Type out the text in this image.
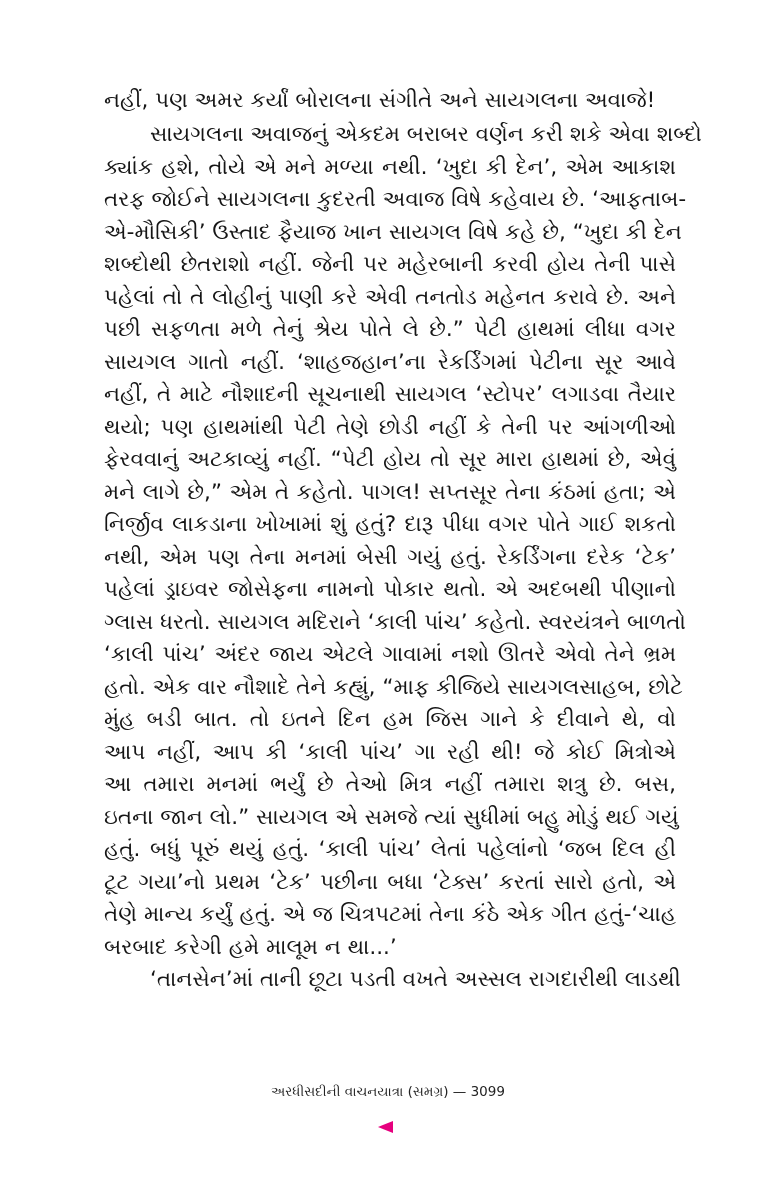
નહીં, પણ અમર કર્યાં બોરાલના સંગીતે અને સાયગલના અવાજે!
સાયગલના અવાજનું એકદમ બરાબર વર્ણન કરી શકે એવા શબ્દો
ક્યાંક હશે, તોયે એ મને મળ્યા નથી. ‘ખુદા કી દેન’, એમ આકાશ
તરફ જોઈને સાયગલના કુદરતી અવાજ વિષે કહેવાય છે. ‘આફતાબ-
એ-મૌસિકી’ ઉસ્તાદ ફૈયાજ ખાન સાયગલ વિષે કહે છે, “ખુદા કી દેન
શબ્દોથી છેતરાશો નહીં. જેની પર મહેરબાની કરવી હોય તેની પાસે
પહેલાં તો તે લોહીનું પાણી કરે એવી તનતોડ મહેનત કરાવે છે. અને
પછી સફળતા મળે તેનું શ્રેય પોતે લે છે.” પેટી હાથમાં લીધા વગર
સાયગલ ગાતો નહીં. ‘શાહજહાન’ના રેકર્ડિંગમાં પેટીના સૂર આવે
નહીં, તે માટે નૌશાદની સૂચનાથી સાયગલ ‘સ્ટોપર’ લગાડવા તૈયાર
થયો; પણ હાથમાંથી પેટી તેણે છોડી નહીં કે તેની પર આંગળીઓ
ફેરવવાનું અટકાવ્યું નહીં. “પેટી હોય તો સૂર મારા હાથમાં છે, એવું
મને લાગે છે,” એમ તે કહેતો. પાગલ! સપ્તસૂર તેના કંઠમાં હતા; એ
નિર્જીવ લાકડાના ખોખામાં શું હતું? દારૂ પીધા વગર પોતે ગાઈ શકતો
નથી, એમ પણ તેના મનમાં બેસી ગયું હતું. રેકર્ડિંગના દરેક ‘ટેક’
પહેલાં ડ્રાઇવર જોસેફના નામનો પોકાર થતો. એ અદબથી પીણાનો
ગ્લાસ ધરતો. સાયગલ મદિરાને ‘કાલી પાંચ’ કહેતો. સ્વરયંત્રને બાળતો
‘કાલી પાંચ’ અંદર જાય એટલે ગાવામાં નશો ઊતરે એવો તેને ભ્રમ
હતો. એક વાર નૌશાદે તેને કહ્યું, “માફ કીજિયે સાયગલસાહબ, છોટે
મુંહ બડી બાત. તો ઇતને દિન હમ જિસ ગાને કે દીવાને થે, વો
આપ નહીં, આપ કી ‘કાલી પાંચ’ ગા રહી થી! જે કોઈ મિત્રોએ
આ તમારા મનમાં ભર્યું છે તેઓ મિત્ર નહીં તમારા શત્રુ છે. બસ,
ઇતના જાન લો.” સાયગલ એ સમજે ત્યાં સુધીમાં બહુ મોડું થઈ ગયું
હતું. બધું પૂરું થયું હતું. ‘કાલી પાંચ’ લેતાં પહેલાંનો ‘જબ દિલ હી
ટૂટ ગયા’નો પ્રથમ ‘ટેક’ પછીના બધા ‘ટેક્સ’ કરતાં સારો હતો, એ
તેણે માન્ય કર્યું હતું. એ જ ચિત્રપટમાં તેના કંઠે એક ગીત હતું-‘ચાહ
બરબાદ કરેગી હમે માલૂમ ન થા...’
‘તાનસેન’માં તાની છૂટા પડતી વખતે અસ્સલ રાગદારીથી લાડથી
અરધીસદીની વાચનયાત્રા (સમગ્ર) — 3099
